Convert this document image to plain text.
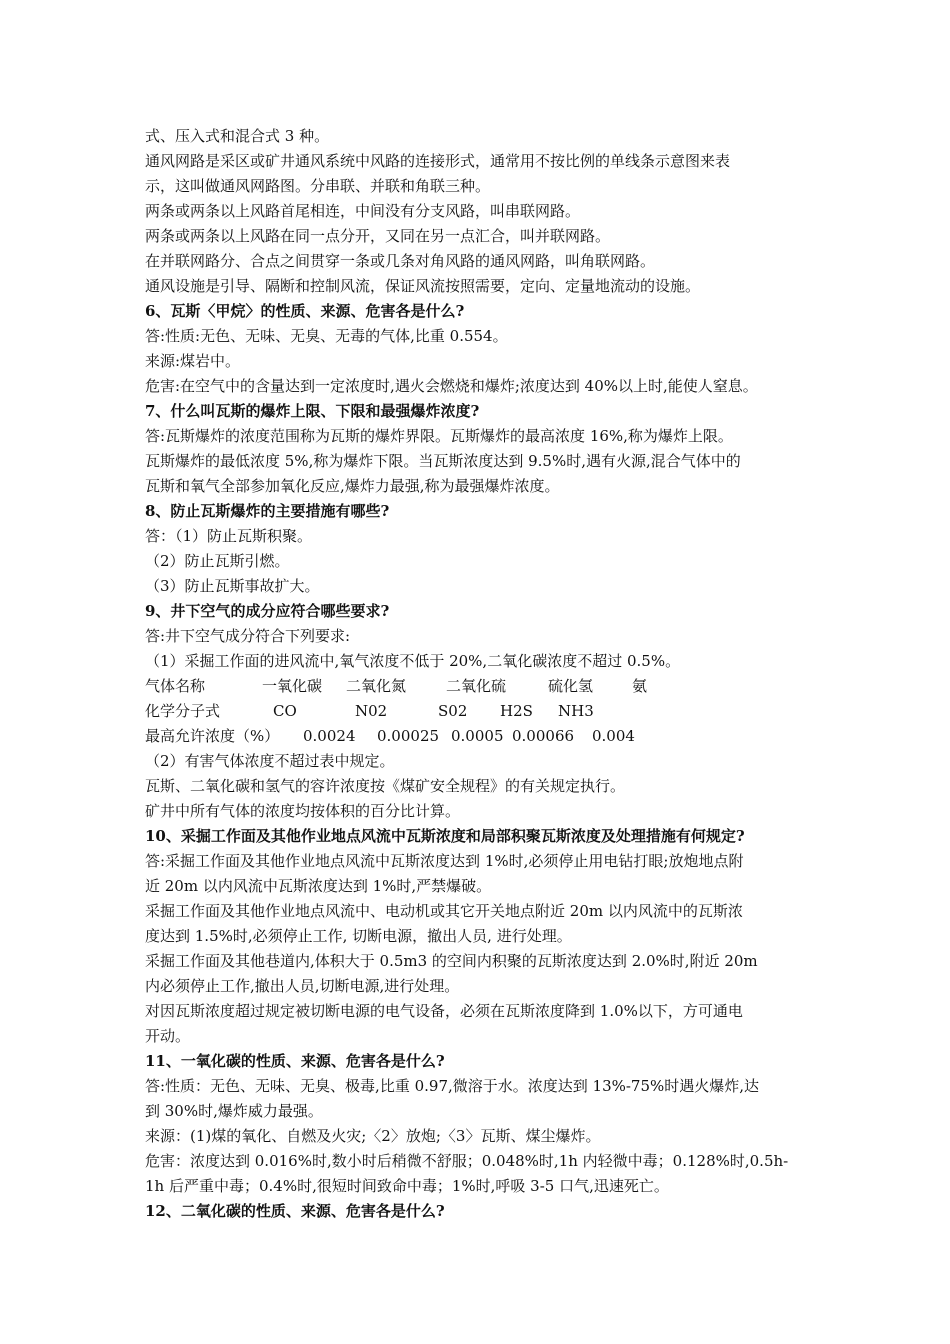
式、压入式和混合式 3 种。
通风网路是采区或矿井通风系统中风路的连接形式，通常用不按比例的单线条示意图来表
示，这叫做通风网路图。分串联、并联和角联三种。
两条或两条以上风路首尾相连，中间没有分支风路，叫串联网路。
两条或两条以上风路在同一点分开，又同在另一点汇合，叫并联网路。
在并联网路分、合点之间贯穿一条或几条对角风路的通风网路，叫角联网路。
通风设施是引导、隔断和控制风流，保证风流按照需要，定向、定量地流动的设施。
6、瓦斯〈甲烷〉的性质、来源、危害各是什么?
答:性质:无色、无味、无臭、无毒的气体,比重 0.554。
来源:煤岩中。
危害:在空气中的含量达到一定浓度时,遇火会燃烧和爆炸;浓度达到 40%以上时,能使人窒息。
7、什么叫瓦斯的爆炸上限、下限和最强爆炸浓度?
答:瓦斯爆炸的浓度范围称为瓦斯的爆炸界限。瓦斯爆炸的最高浓度 16%,称为爆炸上限。
瓦斯爆炸的最低浓度 5%,称为爆炸下限。当瓦斯浓度达到 9.5%时,遇有火源,混合气体中的
瓦斯和氧气全部参加氧化反应,爆炸力最强,称为最强爆炸浓度。
8、防止瓦斯爆炸的主要措施有哪些?
答：（1）防止瓦斯积聚。
（2）防止瓦斯引燃。
（3）防止瓦斯事故扩大。
9、井下空气的成分应符合哪些要求?
答:井下空气成分符合下列要求:
（1）采掘工作面的进风流中,氧气浓度不低于 20%,二氧化碳浓度不超过 0.5%。
气体名称	一氧化碳 二氧化氮	二氧化硫	硫化氢	氨
化学分子式	CO	N02	S02 H2S NH3
最高允许浓度（%） 0.0024 0.00025 0.0005 0.00066 0.004
（2）有害气体浓度不超过表中规定。
瓦斯、二氧化碳和氢气的容许浓度按《煤矿安全规程》的有关规定执行。
矿井中所有气体的浓度均按体积的百分比计算。
10、采掘工作面及其他作业地点风流中瓦斯浓度和局部积聚瓦斯浓度及处理措施有何规定?
答:采掘工作面及其他作业地点风流中瓦斯浓度达到 1%时,必须停止用电钻打眼;放炮地点附
近 20m 以内风流中瓦斯浓度达到 1%时,严禁爆破。
采掘工作面及其他作业地点风流中、电动机或其它开关地点附近 20m 以内风流中的瓦斯浓
度达到 1.5%时,必须停止工作, 切断电源，撤出人员, 进行处理。
采掘工作面及其他巷道内,体积大于 0.5m3 的空间内积聚的瓦斯浓度达到 2.0%时,附近 20m
内必须停止工作,撤出人员,切断电源,进行处理。
对因瓦斯浓度超过规定被切断电源的电气设备，必须在瓦斯浓度降到 1.0%以下，方可通电
开动。
11、一氧化碳的性质、来源、危害各是什么?
答:性质：无色、无味、无臭、极毒,比重 0.97,微溶于水。浓度达到 13%-75%时遇火爆炸,达
到 30%时,爆炸威力最强。
来源：(1)煤的氧化、自燃及火灾;〈2〉放炮;〈3〉瓦斯、煤尘爆炸。
危害：浓度达到 0.016%时,数小时后稍微不舒服；0.048%时,1h 内轻微中毒；0.128%时,0.5h-
1h 后严重中毒；0.4%时,很短时间致命中毒；1%时,呼吸 3-5 口气,迅速死亡。
12、二氧化碳的性质、来源、危害各是什么?
